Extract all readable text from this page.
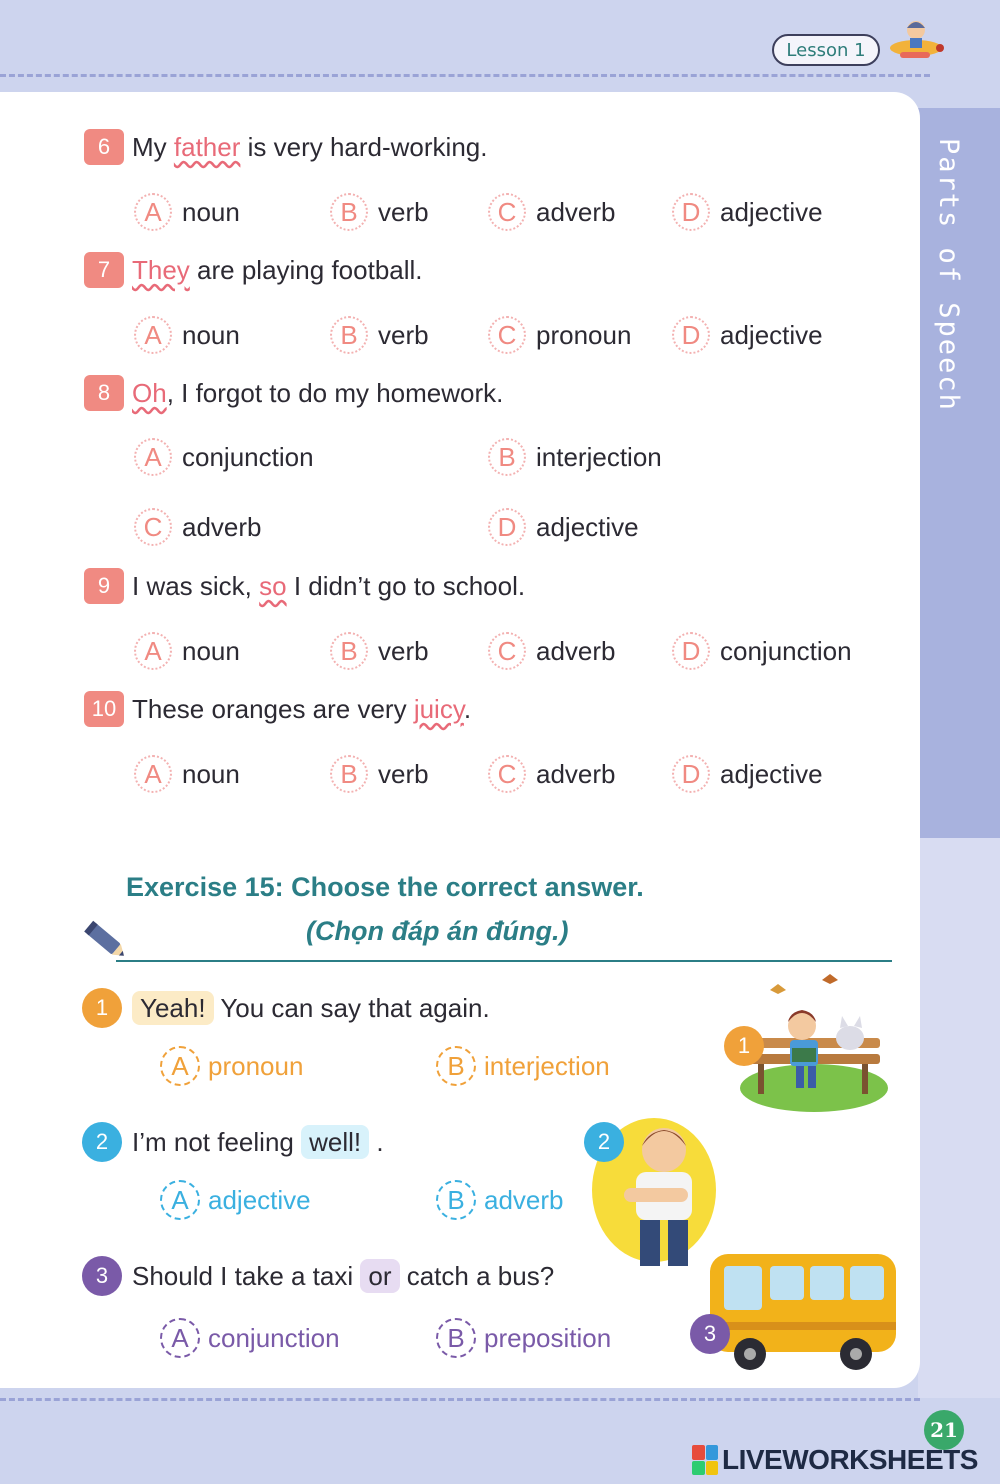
Lesson 1
Parts of Speech
6 My father is very hard-working.
A noun	B verb	C adverb	D adjective
7 They are playing football.
A noun	B verb	C pronoun	D adjective
8 Oh, I forgot to do my homework.
A conjunction	B interjection
C adverb	D adjective
9 I was sick, so I didn’t go to school.
A noun	B verb	C adverb	D conjunction
10 These oranges are very juicy.
A noun	B verb	C adverb	D adjective
Exercise 15: Choose the correct answer.
(Chọn đáp án đúng.)
1	Yeah! You can say that again.
A pronoun	B interjection
2 I’m not feeling well! .
A adjective	B adverb
3 Should I take a taxi or catch a bus?
A conjunction	B preposition
1
2
3
21
LIVEWORKSHEETS
